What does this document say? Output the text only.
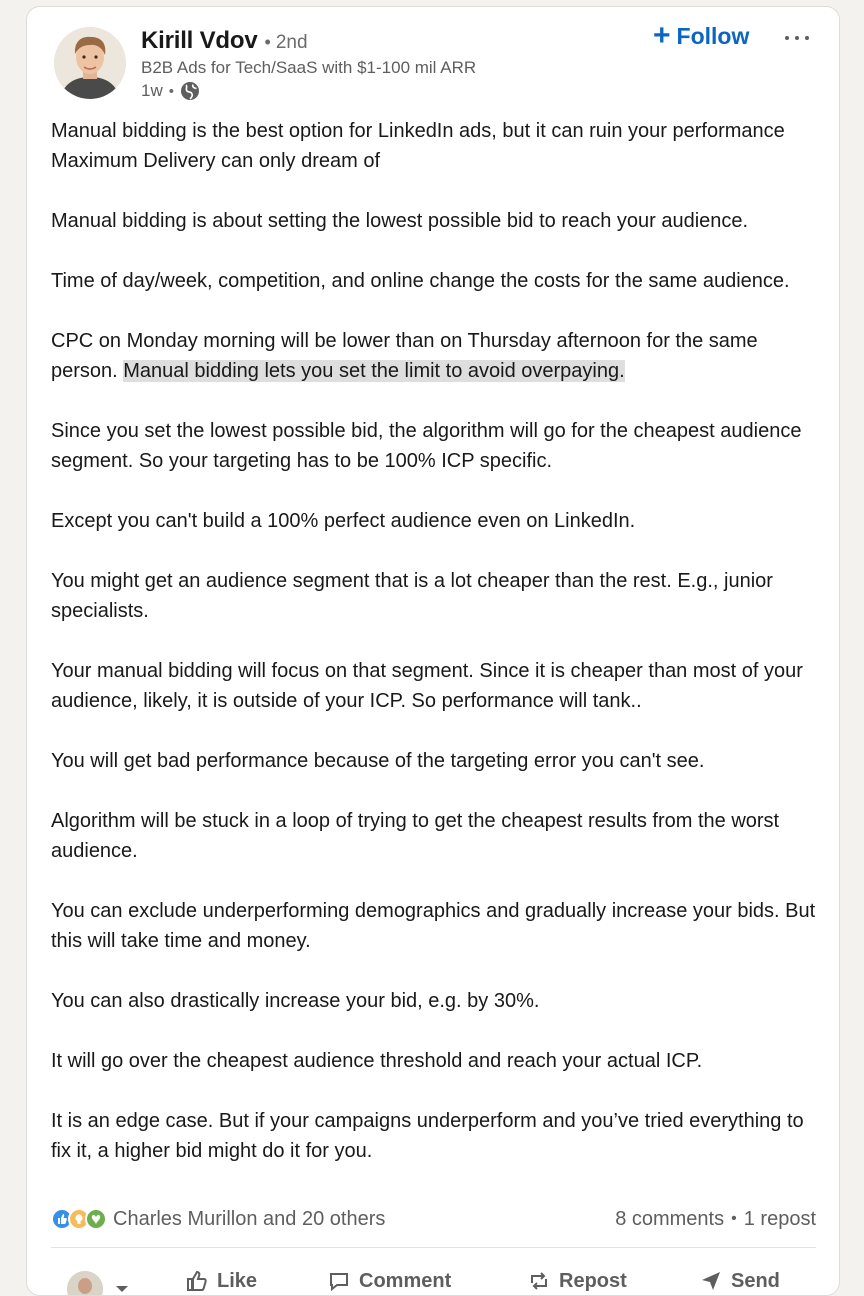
Kirill Vdov • 2nd
B2B Ads for Tech/SaaS with $1-100 mil ARR
1w •
+ Follow

Manual bidding is the best option for LinkedIn ads, but it can ruin your performance Maximum Delivery can only dream of

Manual bidding is about setting the lowest possible bid to reach your audience.

Time of day/week, competition, and online change the costs for the same audience.

CPC on Monday morning will be lower than on Thursday afternoon for the same person. Manual bidding lets you set the limit to avoid overpaying.

Since you set the lowest possible bid, the algorithm will go for the cheapest audience segment. So your targeting has to be 100% ICP specific.

Except you can't build a 100% perfect audience even on LinkedIn.

You might get an audience segment that is a lot cheaper than the rest. E.g., junior specialists.

Your manual bidding will focus on that segment. Since it is cheaper than most of your audience, likely, it is outside of your ICP. So performance will tank..

You will get bad performance because of the targeting error you can't see.

Algorithm will be stuck in a loop of trying to get the cheapest results from the worst audience.

You can exclude underperforming demographics and gradually increase your bids. But this will take time and money.

You can also drastically increase your bid, e.g. by 30%.

It will go over the cheapest audience threshold and reach your actual ICP.

It is an edge case. But if your campaigns underperform and you’ve tried everything to fix it, a higher bid might do it for you.

Charles Murillon and 20 others	8 comments • 1 repost
Like	Comment	Repost	Send
